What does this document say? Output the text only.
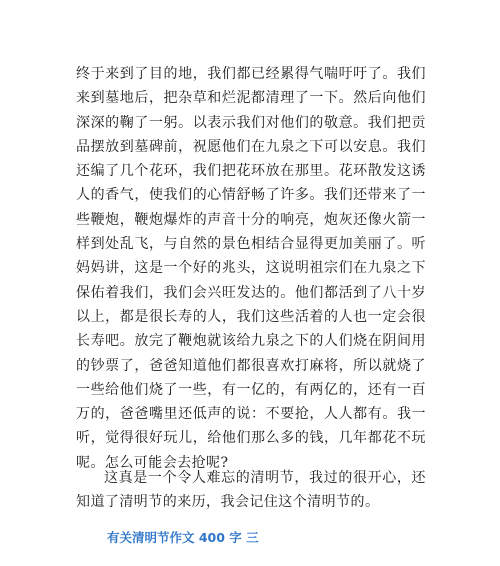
终于来到了目的地，我们都已经累得气喘吁吁了。我们来到墓地后，把杂草和烂泥都清理了一下。然后向他们深深的鞠了一躬。以表示我们对他们的敬意。我们把贡品摆放到墓碑前，祝愿他们在九泉之下可以安息。我们还编了几个花环，我们把花环放在那里。花环散发这诱人的香气，使我们的心情舒畅了许多。我们还带来了一些鞭炮，鞭炮爆炸的声音十分的响亮，炮灰还像火箭一样到处乱飞，与自然的景色相结合显得更加美丽了。听妈妈讲，这是一个好的兆头，这说明祖宗们在九泉之下保佑着我们，我们会兴旺发达的。他们都活到了八十岁以上，都是很长寿的人，我们这些活着的人也一定会很长寿吧。放完了鞭炮就该给九泉之下的人们烧在阴间用的钞票了，爸爸知道他们都很喜欢打麻将，所以就烧了一些给他们烧了一些，有一亿的，有两亿的，还有一百万的，爸爸嘴里还低声的说：不要抢，人人都有。我一听，觉得很好玩儿，给他们那么多的钱，几年都花不玩呢。怎么可能会去抢呢?

这真是一个令人难忘的清明节，我过的很开心，还知道了清明节的来历，我会记住这个清明节的。

有关清明节作文 400 字 三
